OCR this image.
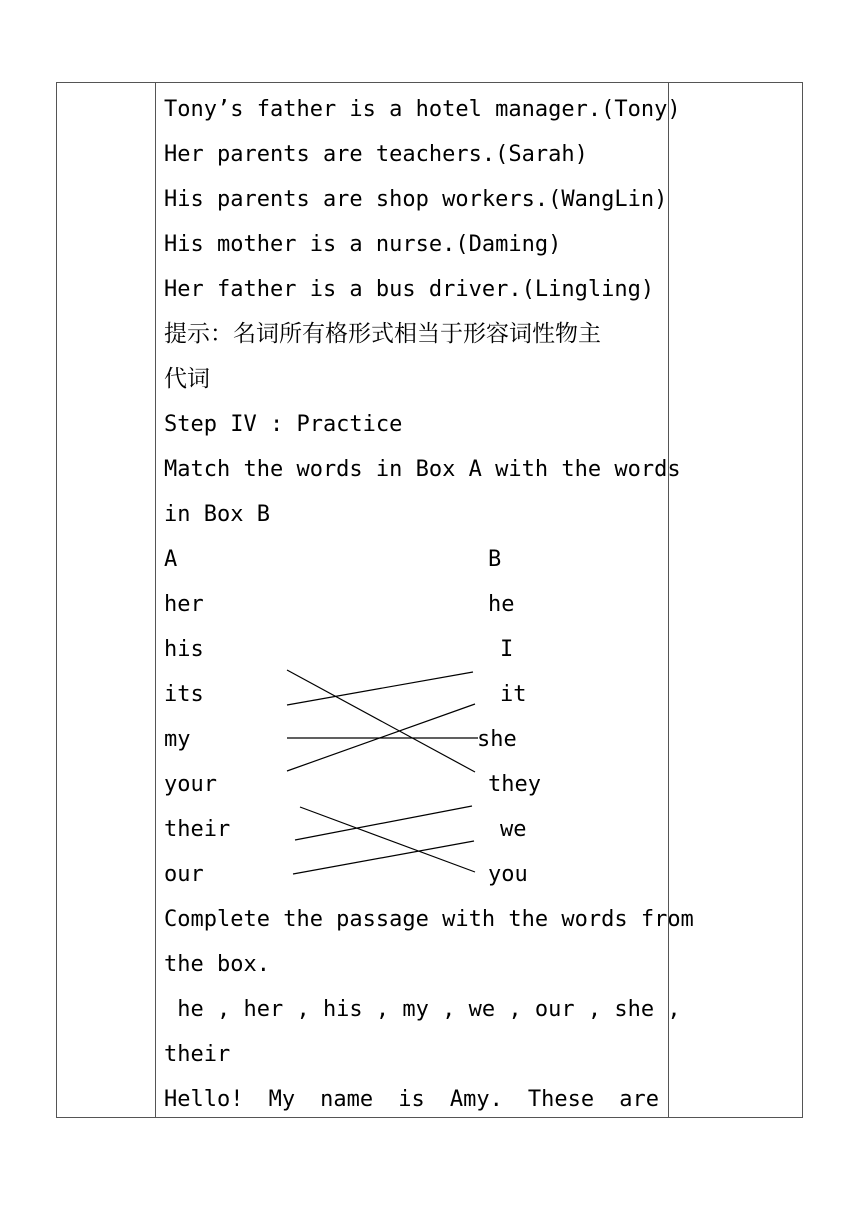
Tony’s father is a hotel manager.(Tony)
Her parents are teachers.(Sarah)
His parents are shop workers.(WangLin)
His mother is a nurse.(Daming)
Her father is a bus driver.(Lingling)
提示：名词所有格形式相当于形容词性物主
代词
Step IV : Practice
Match the words in Box A with the words
in Box B
A	B
her
his
its
my
your
their
our
he
I
it
she
they
we
you
Complete the passage with the words from
the box.
he , her , his , my , we , our , she ,
their
Hello! My name is Amy. These are
